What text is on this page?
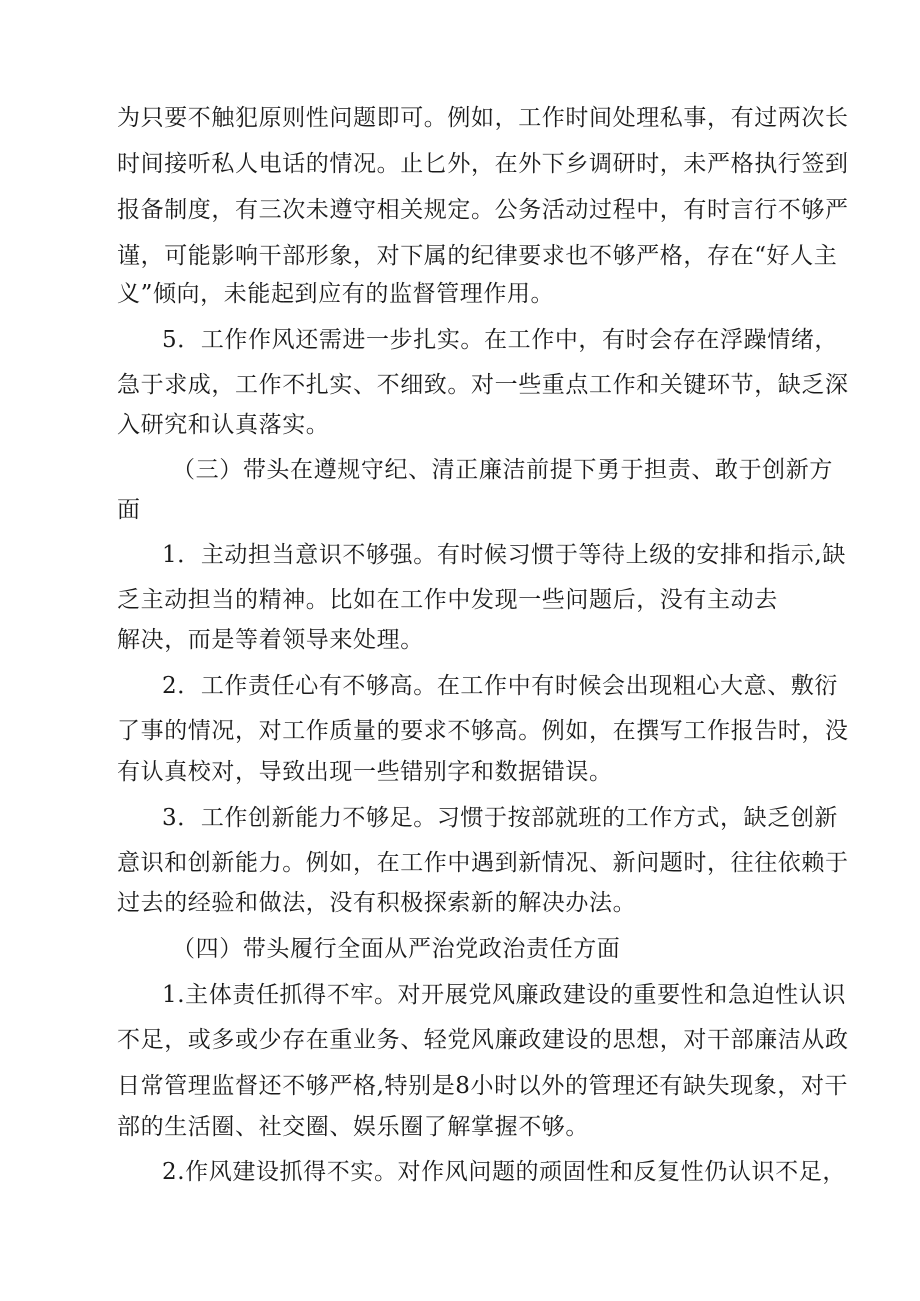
为只要不触犯原则性问题即可。例如，工作时间处理私事，有过两次长
时间接听私人电话的情况。止匕外，在外下乡调研时，未严格执行签到
报备制度，有三次未遵守相关规定。公务活动过程中，有时言行不够严
谨，可能影响干部形象，对下属的纪律要求也不够严格，存在“好人主
义”倾向，未能起到应有的监督管理作用。
5．工作作风还需进一步扎实。在工作中，有时会存在浮躁情绪，
急于求成，工作不扎实、不细致。对一些重点工作和关键环节，缺乏深
入研究和认真落实。
（三）带头在遵规守纪、清正廉洁前提下勇于担责、敢于创新方
面
1．主动担当意识不够强。有时候习惯于等待上级的安排和指示,缺
乏主动担当的精神。比如在工作中发现一些问题后，没有主动去
解决，而是等着领导来处理。
2．工作责任心有不够高。在工作中有时候会出现粗心大意、敷衍
了事的情况，对工作质量的要求不够高。例如，在撰写工作报告时，没
有认真校对，导致出现一些错别字和数据错误。
3．工作创新能力不够足。习惯于按部就班的工作方式，缺乏创新
意识和创新能力。例如，在工作中遇到新情况、新问题时，往往依赖于
过去的经验和做法，没有积极探索新的解决办法。
（四）带头履行全面从严治党政治责任方面
1.主体责任抓得不牢。对开展党风廉政建设的重要性和急迫性认识
不足，或多或少存在重业务、轻党风廉政建设的思想，对干部廉洁从政
日常管理监督还不够严格,特别是8小时以外的管理还有缺失现象，对干
部的生活圈、社交圈、娱乐圈了解掌握不够。
2.作风建设抓得不实。对作风问题的顽固性和反复性仍认识不足，
